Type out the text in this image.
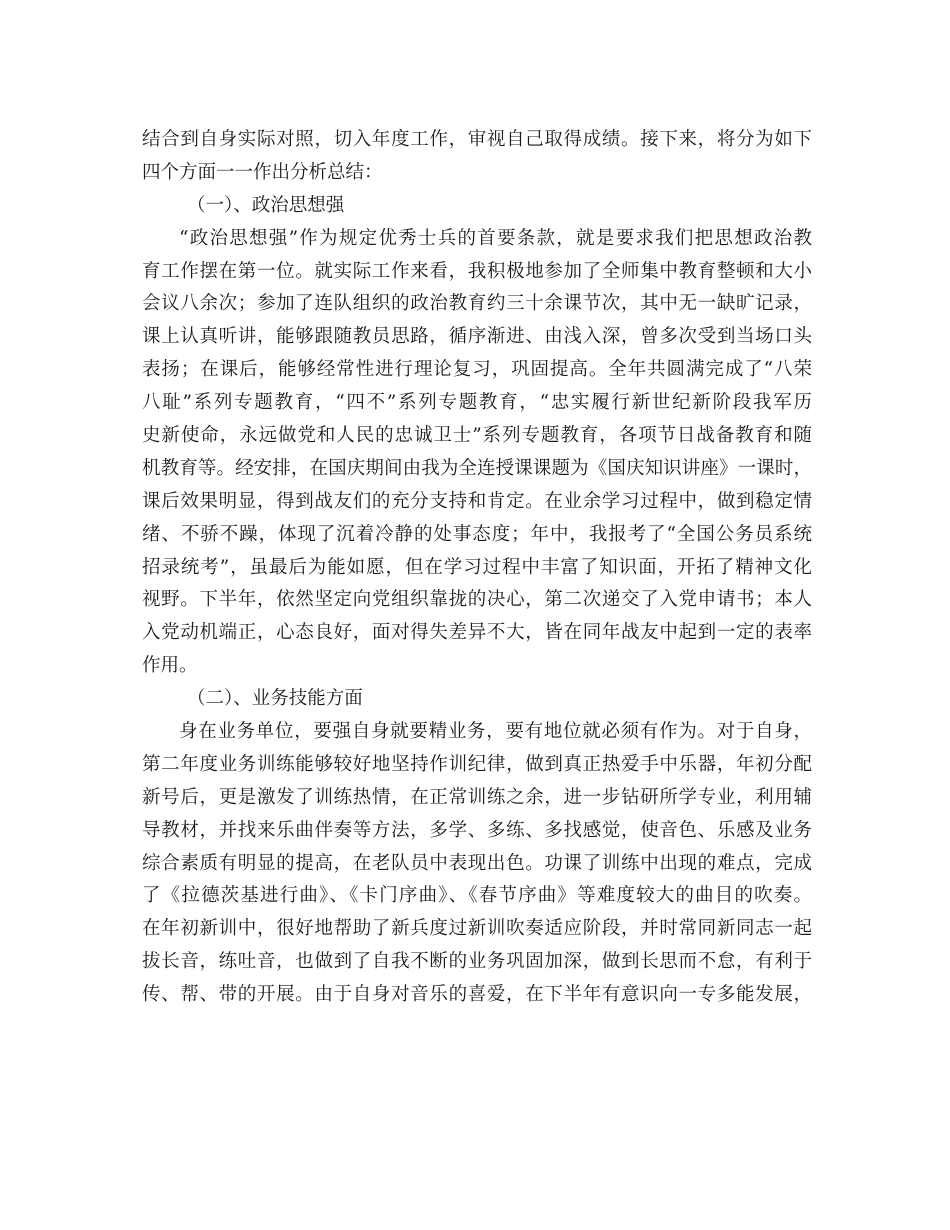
结合到自身实际对照，切入年度工作，审视自己取得成绩。接下来，将分为如下

四个方面一一作出分析总结：

（一）、政治思想强

“政治思想强”作为规定优秀士兵的首要条款，就是要求我们把思想政治教

育工作摆在第一位。就实际工作来看，我积极地参加了全师集中教育整顿和大小

会议八余次；参加了连队组织的政治教育约三十余课节次，其中无一缺旷记录，

课上认真听讲，能够跟随教员思路，循序渐进、由浅入深，曾多次受到当场口头

表扬；在课后，能够经常性进行理论复习，巩固提高。全年共圆满完成了“八荣

八耻”系列专题教育，“四不”系列专题教育，“忠实履行新世纪新阶段我军历

史新使命，永远做党和人民的忠诚卫士”系列专题教育，各项节日战备教育和随

机教育等。经安排，在国庆期间由我为全连授课课题为《国庆知识讲座》一课时，

课后效果明显，得到战友们的充分支持和肯定。在业余学习过程中，做到稳定情

绪、不骄不躁，体现了沉着冷静的处事态度；年中，我报考了“全国公务员系统

招录统考”，虽最后为能如愿，但在学习过程中丰富了知识面，开拓了精神文化

视野。下半年，依然坚定向党组织靠拢的决心，第二次递交了入党申请书；本人

入党动机端正，心态良好，面对得失差异不大，皆在同年战友中起到一定的表率

作用。

（二）、业务技能方面

身在业务单位，要强自身就要精业务，要有地位就必须有作为。对于自身，

第二年度业务训练能够较好地坚持作训纪律，做到真正热爱手中乐器，年初分配

新号后，更是激发了训练热情，在正常训练之余，进一步钻研所学专业，利用辅

导教材，并找来乐曲伴奏等方法，多学、多练、多找感觉，使音色、乐感及业务

综合素质有明显的提高，在老队员中表现出色。功课了训练中出现的难点，完成

了《拉德茨基进行曲》、《卡门序曲》、《春节序曲》等难度较大的曲目的吹奏。

在年初新训中，很好地帮助了新兵度过新训吹奏适应阶段，并时常同新同志一起

拔长音，练吐音，也做到了自我不断的业务巩固加深，做到长思而不怠，有利于

传、帮、带的开展。由于自身对音乐的喜爱，在下半年有意识向一专多能发展，
